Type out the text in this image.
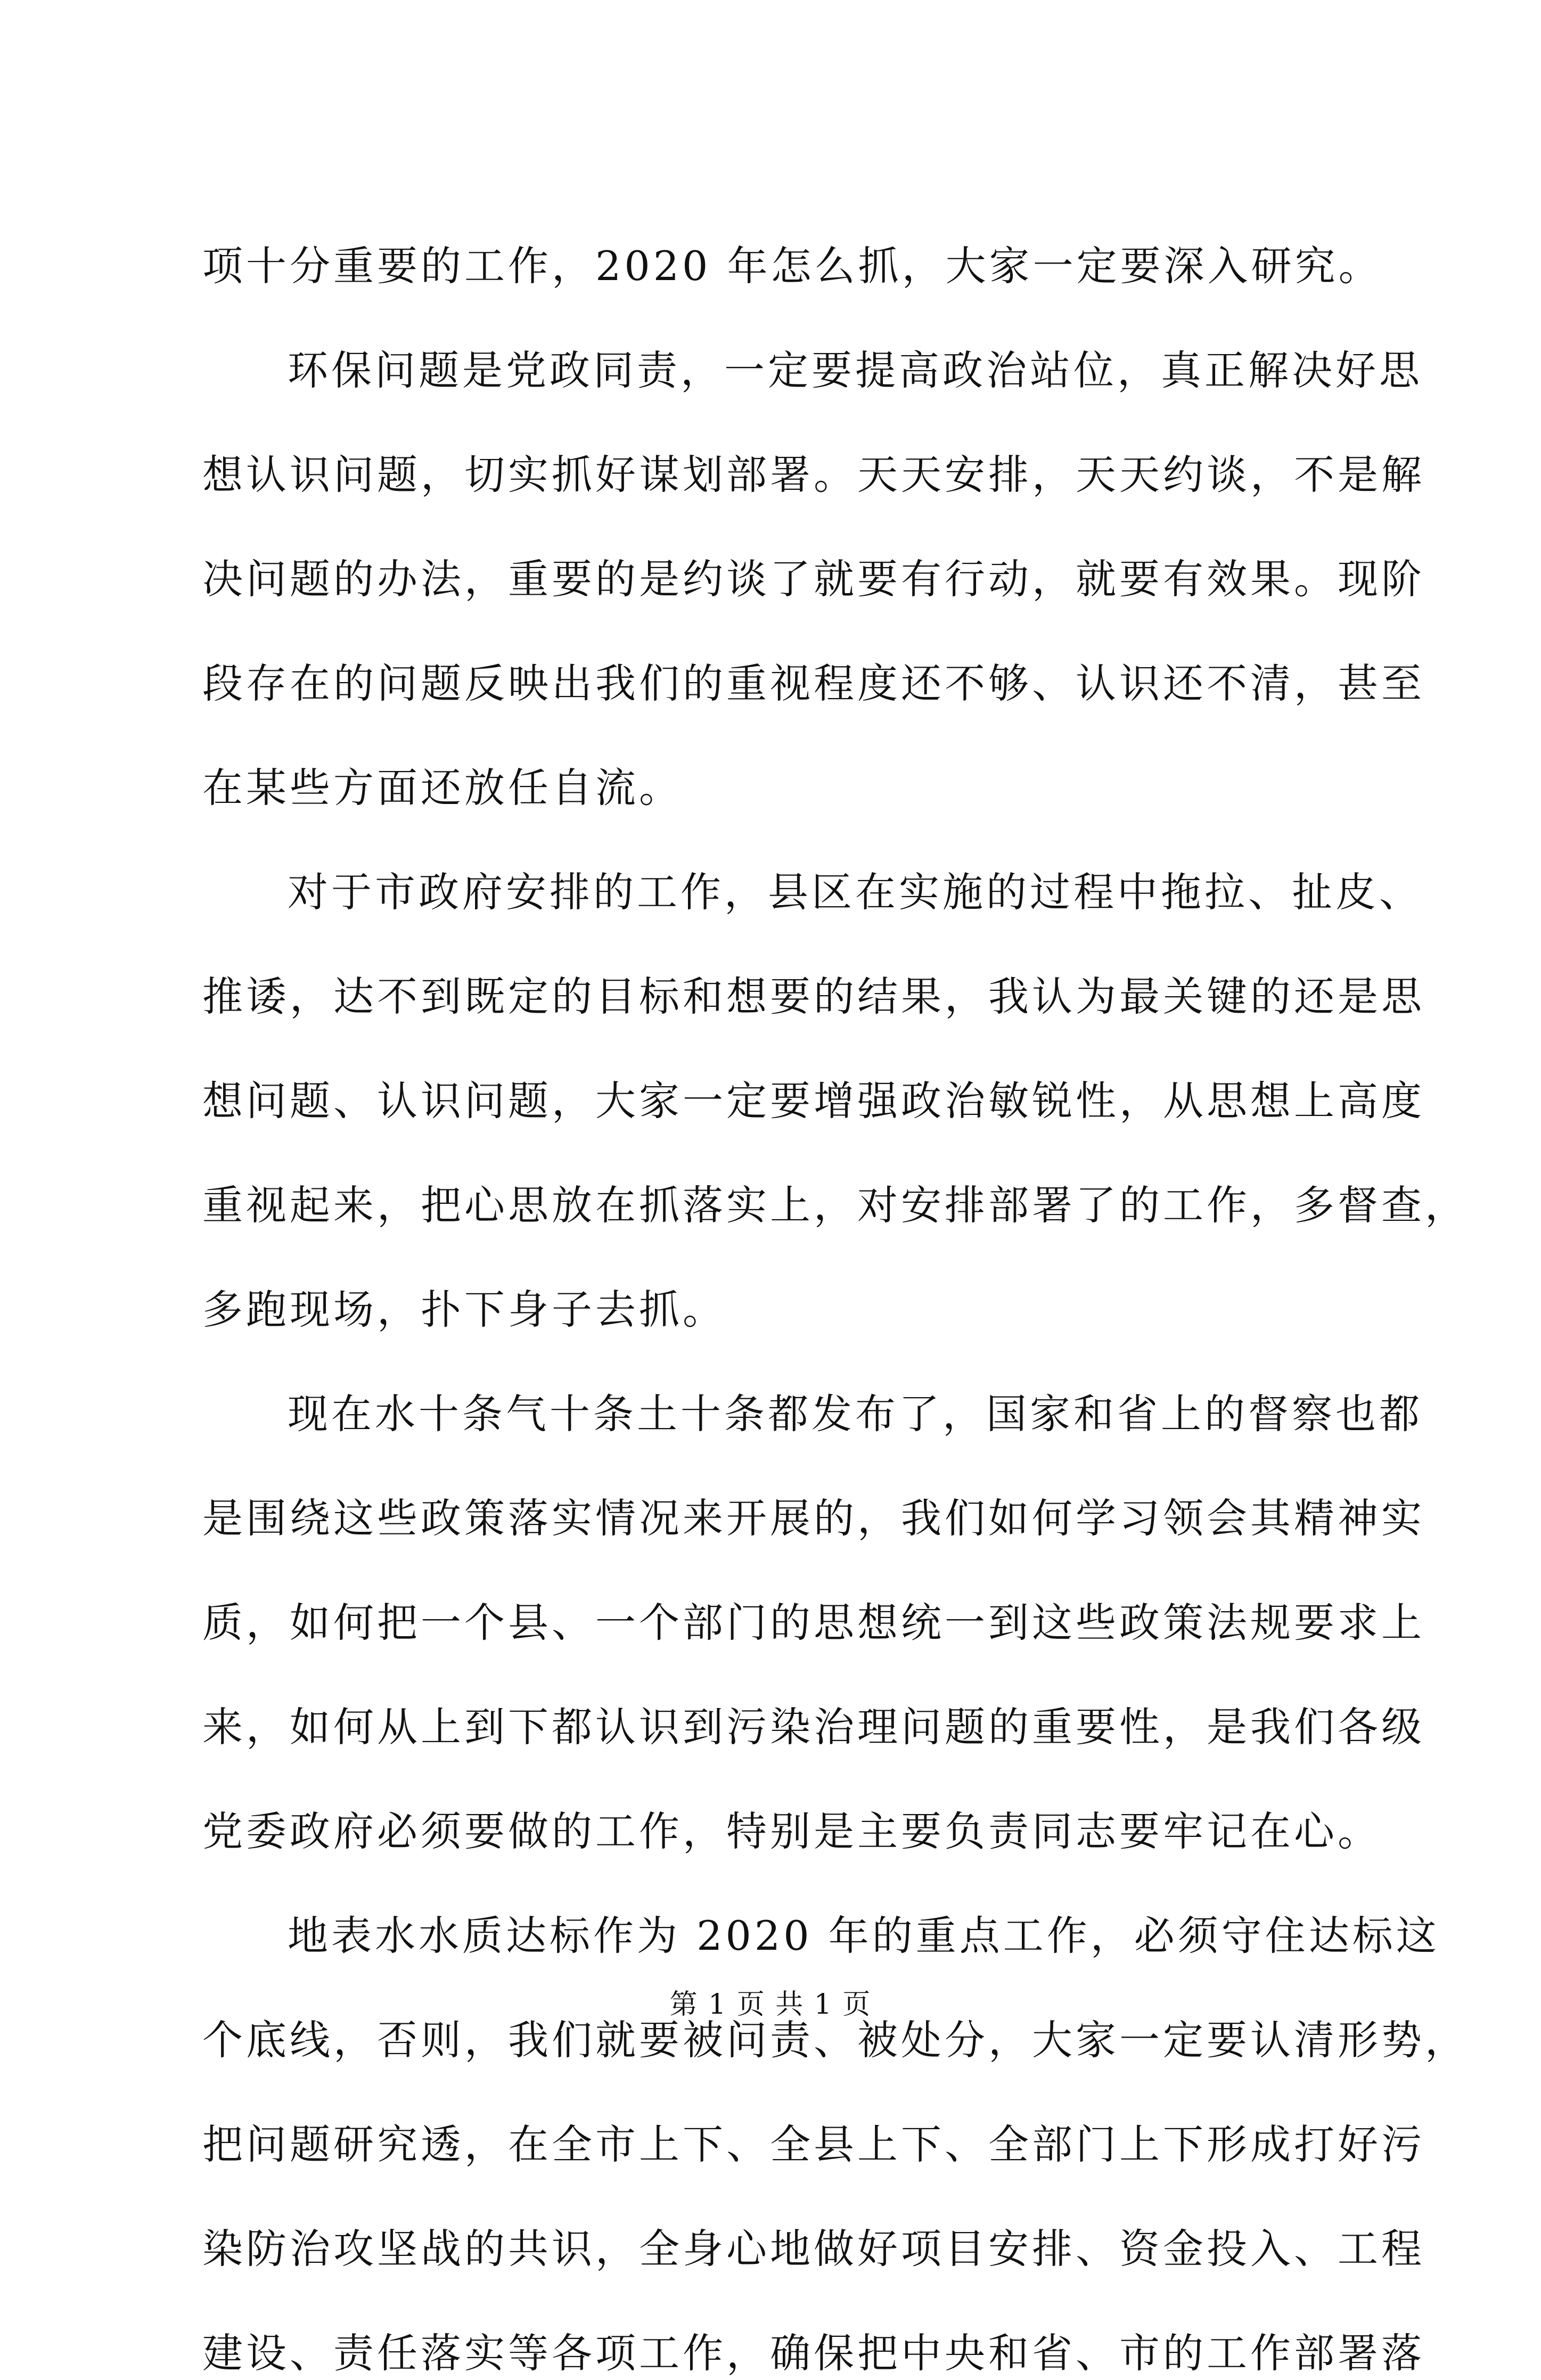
项十分重要的工作，2020 年怎么抓，大家一定要深入研究。
环保问题是党政同责，一定要提高政治站位，真正解决好思
想认识问题，切实抓好谋划部署。天天安排，天天约谈，不是解
决问题的办法，重要的是约谈了就要有行动，就要有效果。现阶
段存在的问题反映出我们的重视程度还不够、认识还不清，甚至
在某些方面还放任自流。
对于市政府安排的工作，县区在实施的过程中拖拉、扯皮、
推诿，达不到既定的目标和想要的结果，我认为最关键的还是思
想问题、认识问题，大家一定要增强政治敏锐性，从思想上高度
重视起来，把心思放在抓落实上，对安排部署了的工作，多督查，
多跑现场，扑下身子去抓。
现在水十条气十条土十条都发布了，国家和省上的督察也都
是围绕这些政策落实情况来开展的，我们如何学习领会其精神实
质，如何把一个县、一个部门的思想统一到这些政策法规要求上
来，如何从上到下都认识到污染治理问题的重要性，是我们各级
党委政府必须要做的工作，特别是主要负责同志要牢记在心。
地表水水质达标作为 2020 年的重点工作，必须守住达标这
个底线，否则，我们就要被问责、被处分，大家一定要认清形势，
把问题研究透，在全市上下、全县上下、全部门上下形成打好污
染防治攻坚战的共识，全身心地做好项目安排、资金投入、工程
建设、责任落实等各项工作，确保把中央和省、市的工作部署落
第 1 页 共 1 页
